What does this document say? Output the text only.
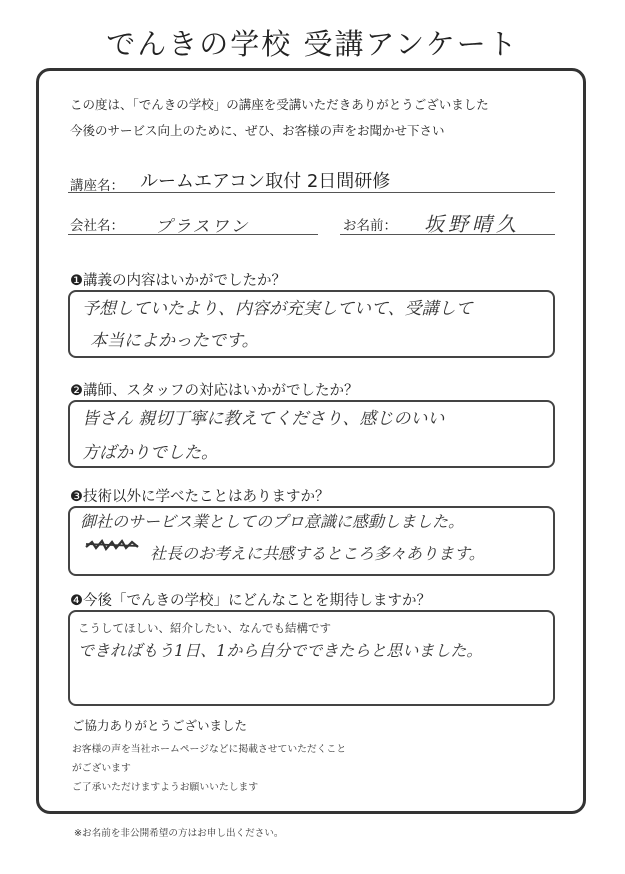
でんきの学校 受講アンケート
この度は、「でんきの学校」の講座を受講いただきありがとうございました
今後のサービス向上のために、ぜひ、お客様の声をお聞かせ下さい
講座名： ルームエアコン取付 2日間研修
会社名： プラスワン	お名前： 坂野晴久
❶講義の内容はいかがでしたか？
予想していたより、内容が充実していて、受講して
本当によかったです。
❷講師、スタッフの対応はいかがでしたか？
皆さん 親切丁寧に教えてくださり、感じのいい
方ばかりでした。
❸技術以外に学べたことはありますか？
御社のサービス業としてのプロ意識に感動しました。
社長のお考えに共感するところ多々あります。
❹今後「でんきの学校」にどんなことを期待しますか？
こうしてほしい、紹介したい、なんでも結構です
できればもう1日、1から自分でできたらと思いました。
ご協力ありがとうございました
お客様の声を当社ホームページなどに掲載させていただくこと
がございます
ご了承いただけますようお願いいたします
※お名前を非公開希望の方はお申し出ください。
